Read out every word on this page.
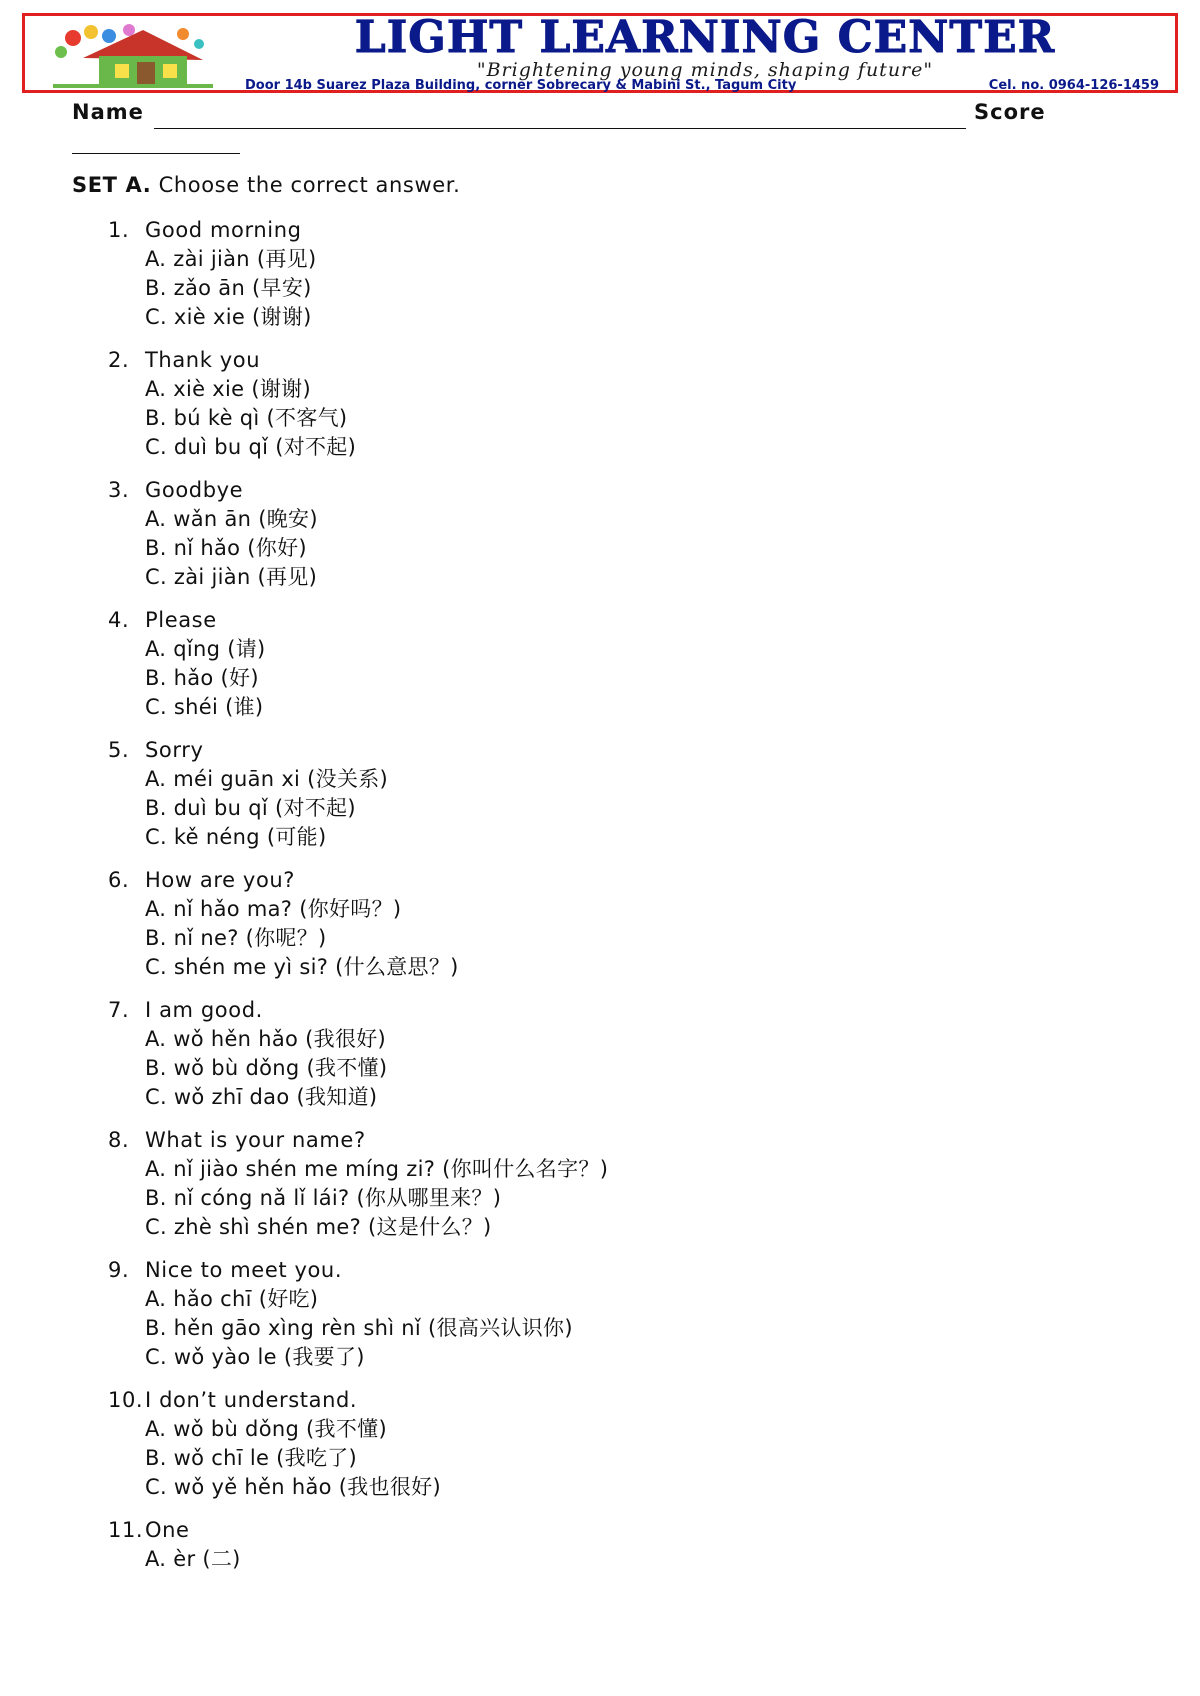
LIGHT LEARNING CENTER
"Brightening young minds, shaping future"
Door 14b Suarez Plaza Building, corner Sobrecary & Mabini St., Tagum City	Cel. no. 0964-126-1459
Name	Score
SET A. Choose the correct answer.
1. Good morning
A. zài jiàn (再见)
B. zǎo ān (早安)
C. xiè xie (谢谢)
2. Thank you
A. xiè xie (谢谢)
B. bú kè qì (不客气)
C. duì bu qǐ (对不起)
3. Goodbye
A. wǎn ān (晚安)
B. nǐ hǎo (你好)
C. zài jiàn (再见)
4. Please
A. qǐng (请)
B. hǎo (好)
C. shéi (谁)
5. Sorry
A. méi guān xi (没关系)
B. duì bu qǐ (对不起)
C. kě néng (可能)
6. How are you?
A. nǐ hǎo ma? (你好吗？)
B. nǐ ne? (你呢？)
C. shén me yì si? (什么意思？)
7. I am good.
A. wǒ hěn hǎo (我很好)
B. wǒ bù dǒng (我不懂)
C. wǒ zhī dao (我知道)
8. What is your name?
A. nǐ jiào shén me míng zi? (你叫什么名字？)
B. nǐ cóng nǎ lǐ lái? (你从哪里来？)
C. zhè shì shén me? (这是什么？)
9. Nice to meet you.
A. hǎo chī (好吃)
B. hěn gāo xìng rèn shì nǐ (很高兴认识你)
C. wǒ yào le (我要了)
10. I don’t understand.
A. wǒ bù dǒng (我不懂)
B. wǒ chī le (我吃了)
C. wǒ yě hěn hǎo (我也很好)
11. One
A. èr (二)
